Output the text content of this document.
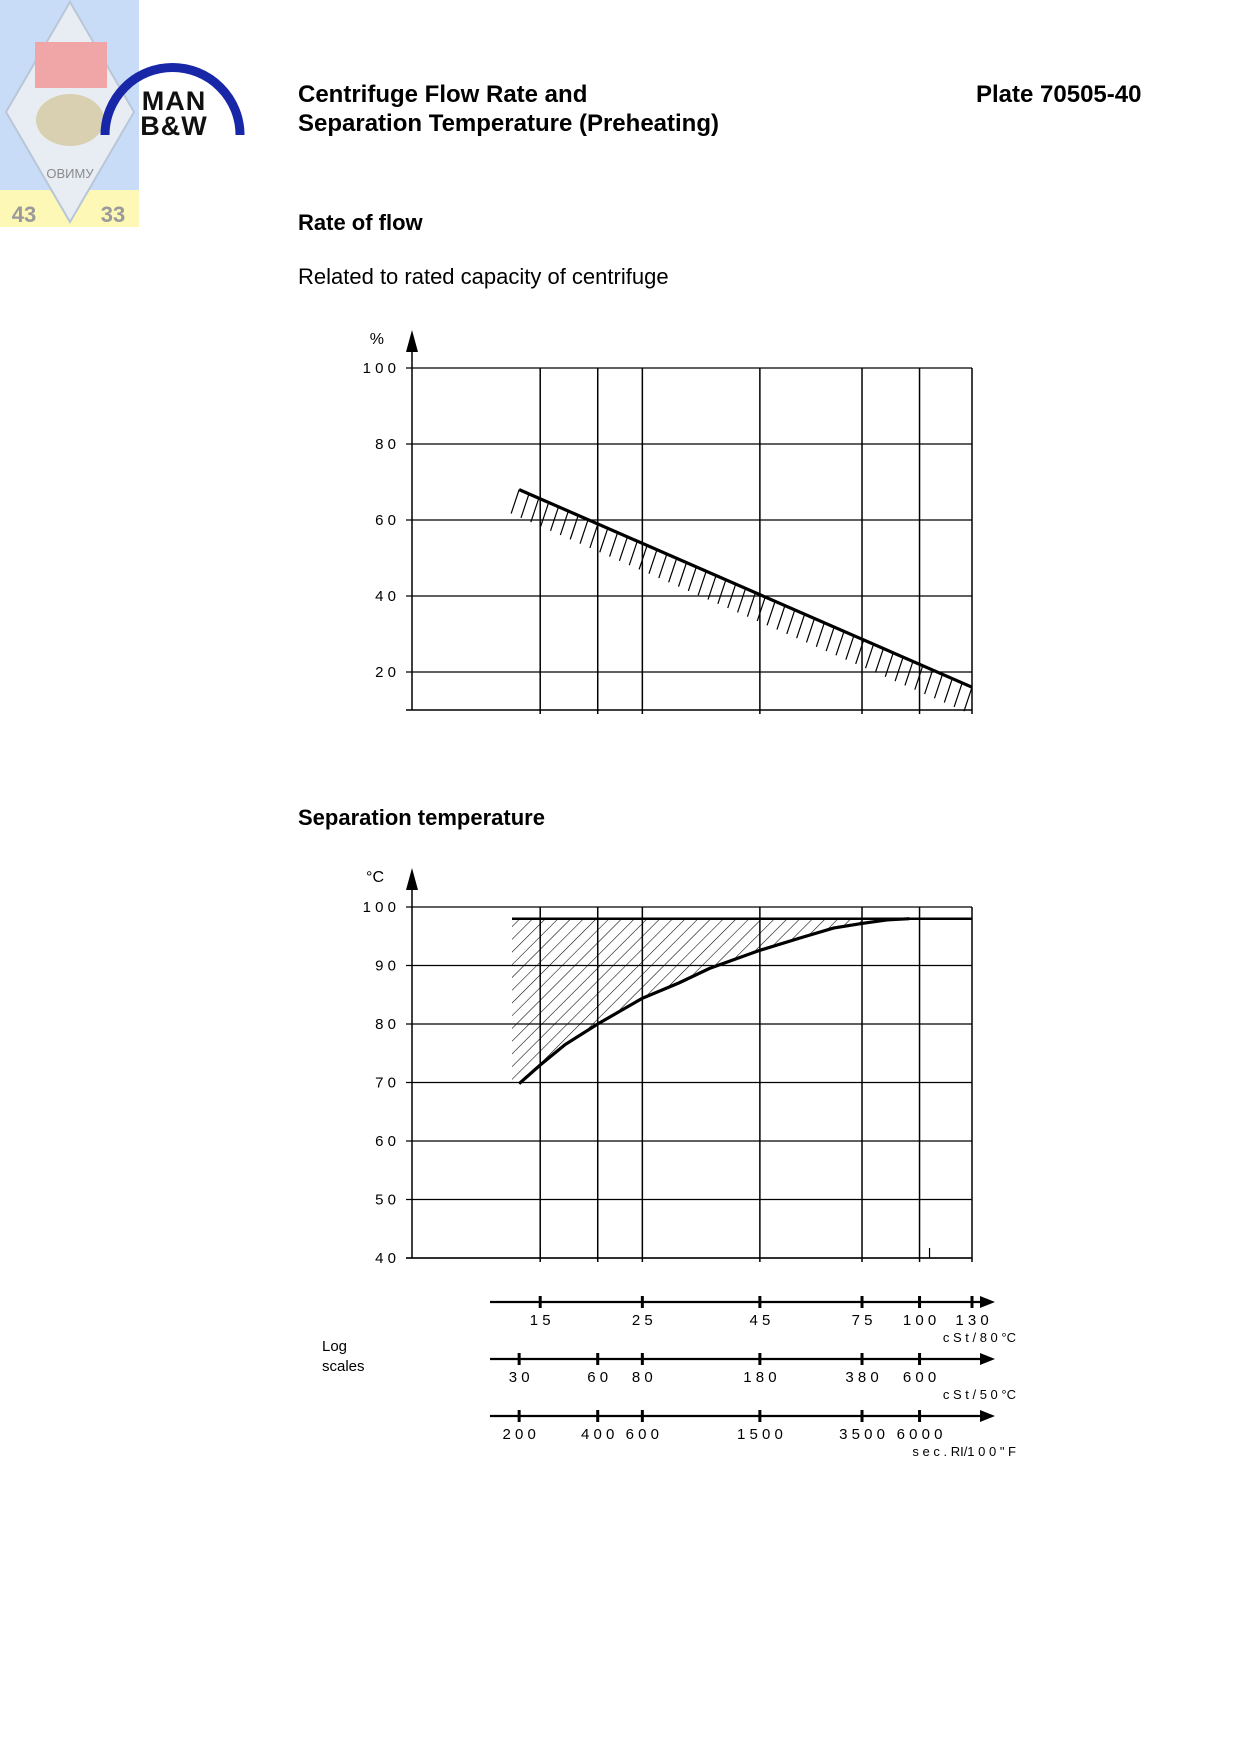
ОВИМУ
43	33
MAN
B&W
Centrifuge Flow Rate and
Separation Temperature (Preheating)
Plate 70505-40
Rate of flow
Related to rated capacity of centrifuge
Separation temperature
Log
scales
1 0 0
8 0
6 0
4 0
2 0
%
1 0 0
9 0
8 0
7 0
6 0
5 0
4 0
°C
1 5	2 5	4 5	7 5 1 0 0 1 3 0
c S t / 8 0 °C
3 0	6 0 8 0	1 8 0	3 8 0 6 0 0
c S t / 5 0 °C
2 0 0	4 0 0 6 0 0	1 5 0 0	3 5 0 0 6 0 0 0
s e c . RI/1 0 0 " F
